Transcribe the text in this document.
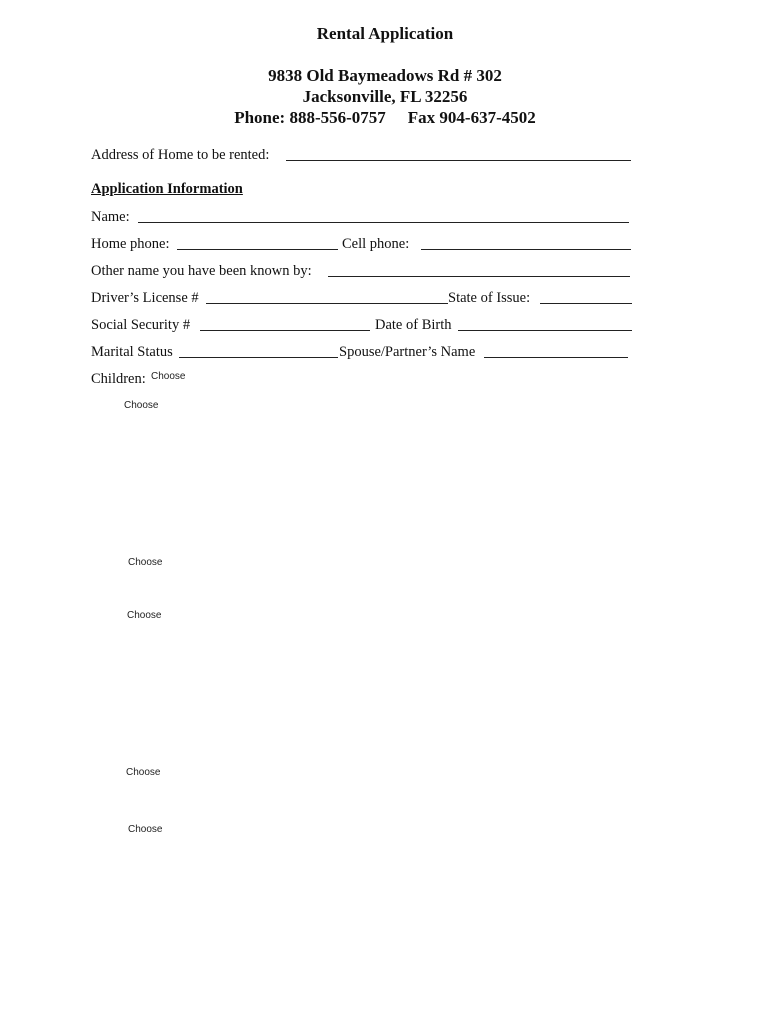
Rental Application
9838 Old Baymeadows Rd # 302
Jacksonville, FL 32256
Phone: 888-556-0757 Fax 904-637-4502
Address of Home to be rented:
Application Information
Name:
Home phone:	Cell phone:
Other name you have been known by:
Driver’s License #	State of Issue:
Social Security #	Date of Birth
Marital Status	Spouse/Partner’s Name
Children: Choose
Choose
Choose
Choose
Choose
Choose
